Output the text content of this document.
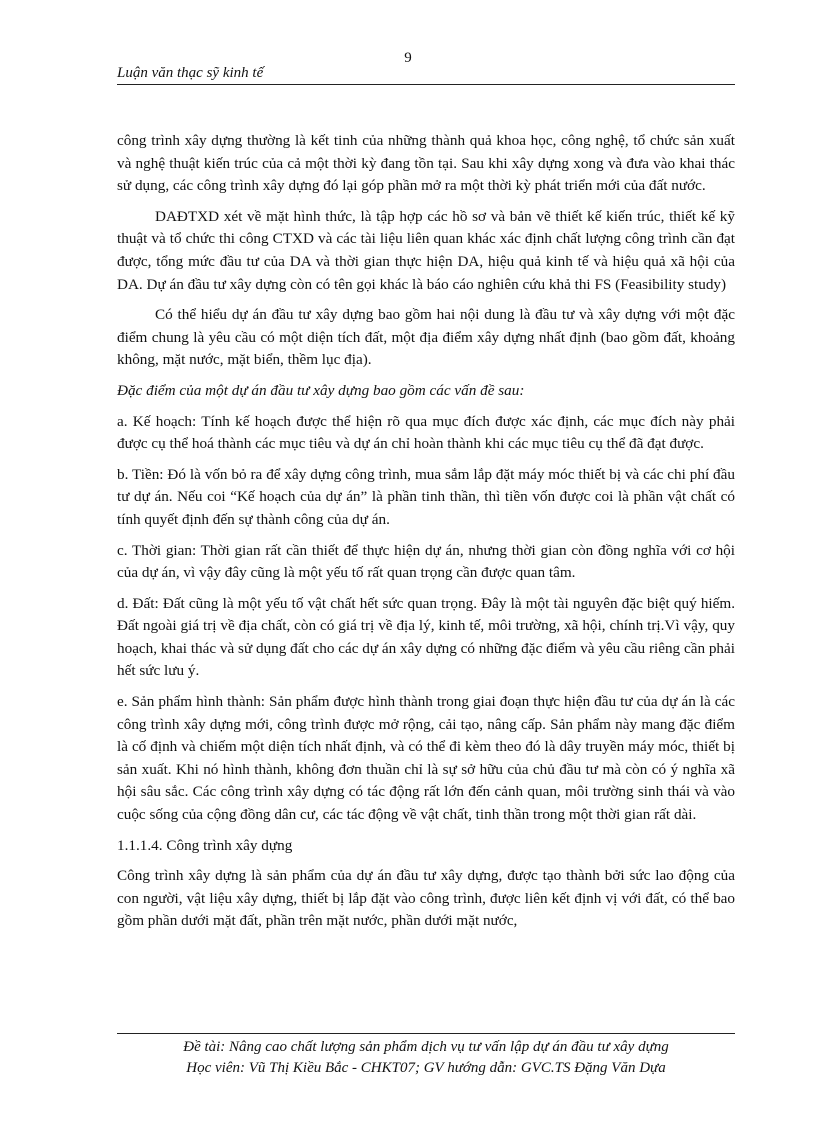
9
Luận văn thạc sỹ kinh tế

công trình xây dựng thường là kết tinh của những thành quả khoa học, công nghệ, tổ chức sản xuất và nghệ thuật kiến trúc của cả một thời kỳ đang tồn tại. Sau khi xây dựng xong và đưa vào khai thác sử dụng, các công trình xây dựng đó lại góp phần mở ra một thời kỳ phát triển mới của đất nước.

DAĐTXD xét về mặt hình thức, là tập hợp các hồ sơ và bản vẽ thiết kế kiến trúc, thiết kế kỹ thuật và tổ chức thi công CTXD và các tài liệu liên quan khác xác định chất lượng công trình cần đạt được, tổng mức đầu tư của DA và thời gian thực hiện DA, hiệu quả kinh tế và hiệu quả xã hội của DA. Dự án đầu tư xây dựng còn có tên gọi khác là báo cáo nghiên cứu khả thi FS (Feasibility study)

Có thể hiểu dự án đầu tư xây dựng bao gồm hai nội dung là đầu tư và xây dựng với một đặc điểm chung là yêu cầu có một diện tích đất, một địa điểm xây dựng nhất định (bao gồm đất, khoảng không, mặt nước, mặt biển, thềm lục địa).

Đặc điểm của một dự án đầu tư xây dựng bao gồm các vấn đề sau:

a. Kế hoạch: Tính kế hoạch được thể hiện rõ qua mục đích được xác định, các mục đích này phải được cụ thể hoá thành các mục tiêu và dự án chỉ hoàn thành khi các mục tiêu cụ thể đã đạt được.

b. Tiền: Đó là vốn bỏ ra để xây dựng công trình, mua sắm lắp đặt máy móc thiết bị và các chi phí đầu tư dự án. Nếu coi “Kế hoạch của dự án” là phần tinh thần, thì tiền vốn được coi là phần vật chất có tính quyết định đến sự thành công của dự án.

c. Thời gian: Thời gian rất cần thiết để thực hiện dự án, nhưng thời gian còn đồng nghĩa với cơ hội của dự án, vì vậy đây cũng là một yếu tố rất quan trọng cần được quan tâm.

d. Đất: Đất cũng là một yếu tố vật chất hết sức quan trọng. Đây là một tài nguyên đặc biệt quý hiếm. Đất ngoài giá trị về địa chất, còn có giá trị về địa lý, kinh tế, môi trường, xã hội, chính trị.Vì vậy, quy hoạch, khai thác và sử dụng đất cho các dự án xây dựng có những đặc điểm và yêu cầu riêng cần phải hết sức lưu ý.

e. Sản phẩm hình thành: Sản phẩm được hình thành trong giai đoạn thực hiện đầu tư của dự án là các công trình xây dựng mới, công trình được mở rộng, cải tạo, nâng cấp. Sản phẩm này mang đặc điểm là cố định và chiếm một diện tích nhất định, và có thể đi kèm theo đó là dây truyền máy móc, thiết bị sản xuất. Khi nó hình thành, không đơn thuần chỉ là sự sở hữu của chủ đầu tư mà còn có ý nghĩa xã hội sâu sắc. Các công trình xây dựng có tác động rất lớn đến cảnh quan, môi trường sinh thái và vào cuộc sống của cộng đồng dân cư, các tác động về vật chất, tinh thần trong một thời gian rất dài.

1.1.1.4. Công trình xây dựng

Công trình xây dựng là sản phẩm của dự án đầu tư xây dựng, được tạo thành bởi sức lao động của con người, vật liệu xây dựng, thiết bị lắp đặt vào công trình, được liên kết định vị với đất, có thể bao gồm phần dưới mặt đất, phần trên mặt nước, phần dưới mặt nước,

Đề tài: Nâng cao chất lượng sản phẩm dịch vụ tư vấn lập dự án đầu tư xây dựng
Học viên: Vũ Thị Kiều Bắc - CHKT07; GV hướng dẫn: GVC.TS Đặng Văn Dựa
